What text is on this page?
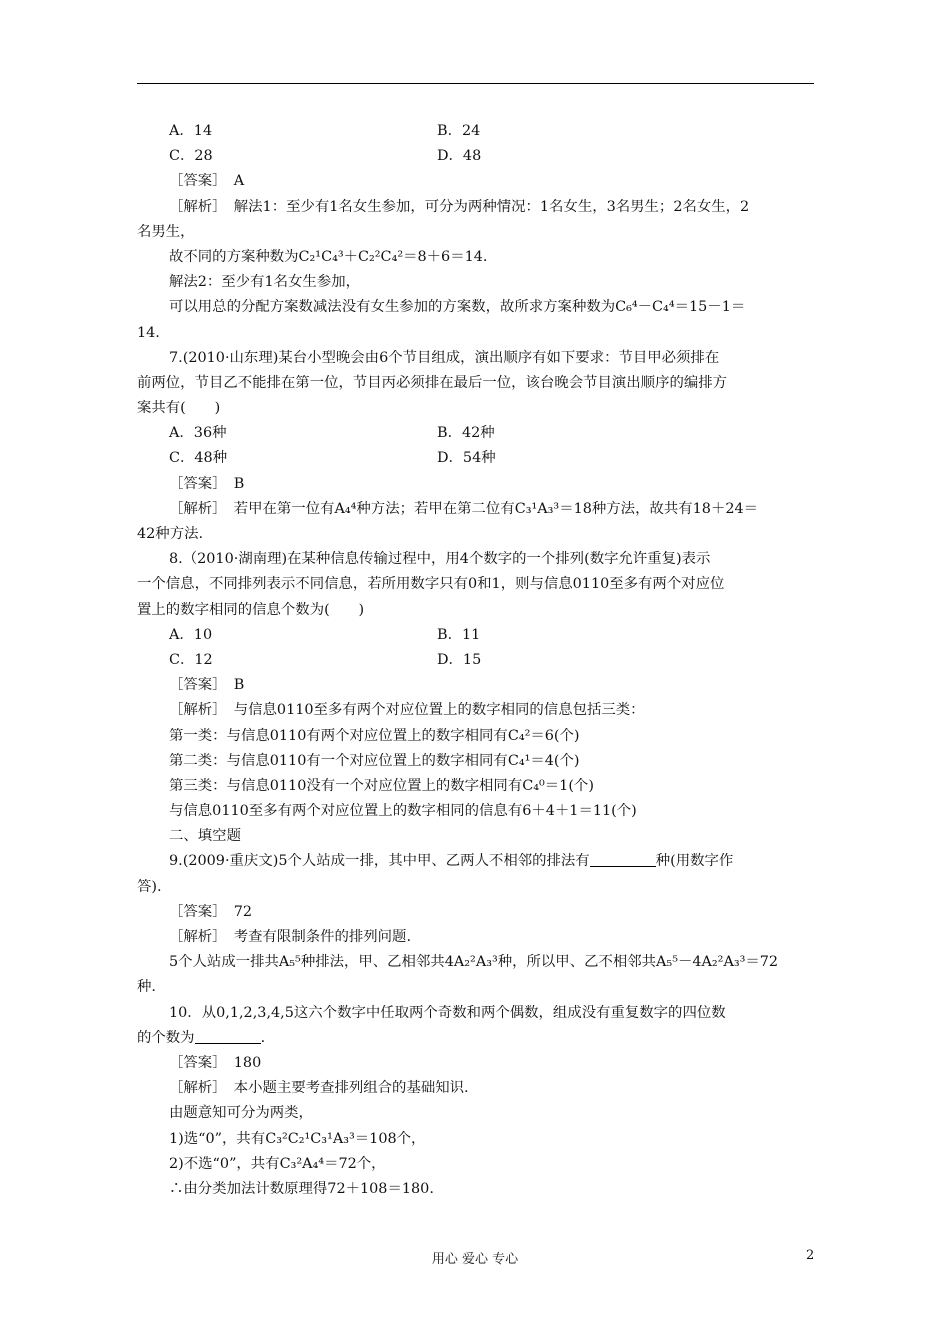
A．14	B．24
C．28	D．48
［答案］　A
［解析］　解法1：至少有1名女生参加，可分为两种情况：1名女生，3名男生；2名女生，2
名男生，
故不同的方案种数为C₂¹C₄³＋C₂²C₄²＝8＋6＝14.
解法2：至少有1名女生参加，
可以用总的分配方案数减法没有女生参加的方案数，故所求方案种数为C₆⁴－C₄⁴＝15－1＝
14.
7.(2010·山东理)某台小型晚会由6个节目组成，演出顺序有如下要求：节目甲必须排在
前两位，节目乙不能排在第一位，节目丙必须排在最后一位，该台晚会节目演出顺序的编排方
案共有(　　)
A．36种	B．42种
C．48种	D．54种
［答案］　B
［解析］　若甲在第一位有A₄⁴种方法；若甲在第二位有C₃¹A₃³＝18种方法，故共有18＋24＝
42种方法.
8.（2010·湖南理)在某种信息传输过程中，用4个数字的一个排列(数字允许重复)表示
一个信息，不同排列表示不同信息，若所用数字只有0和1，则与信息0110至多有两个对应位
置上的数字相同的信息个数为(　　)
A．10	B．11
C．12	D．15
［答案］　B
［解析］　与信息0110至多有两个对应位置上的数字相同的信息包括三类：
第一类：与信息0110有两个对应位置上的数字相同有C₄²＝6(个)
第二类：与信息0110有一个对应位置上的数字相同有C₄¹＝4(个)
第三类：与信息0110没有一个对应位置上的数字相同有C₄⁰＝1(个)
与信息0110至多有两个对应位置上的数字相同的信息有6＋4＋1＝11(个)
二、填空题
9.(2009·重庆文)5个人站成一排，其中甲、乙两人不相邻的排法有	种(用数字作
答).
［答案］　72
［解析］　考查有限制条件的排列问题.
5个人站成一排共A₅⁵种排法，甲、乙相邻共4A₂²A₃³种，所以甲、乙不相邻共A₅⁵－4A₂²A₃³＝72
种.
10．从0,1,2,3,4,5这六个数字中任取两个奇数和两个偶数，组成没有重复数字的四位数
的个数为	.
［答案］　180
［解析］　本小题主要考查排列组合的基础知识.
由题意知可分为两类，
1)选“0”，共有C₃²C₂¹C₃¹A₃³＝108个，
2)不选“0”，共有C₃²A₄⁴＝72个，
∴由分类加法计数原理得72＋108＝180.
用心 爱心 专心	2
